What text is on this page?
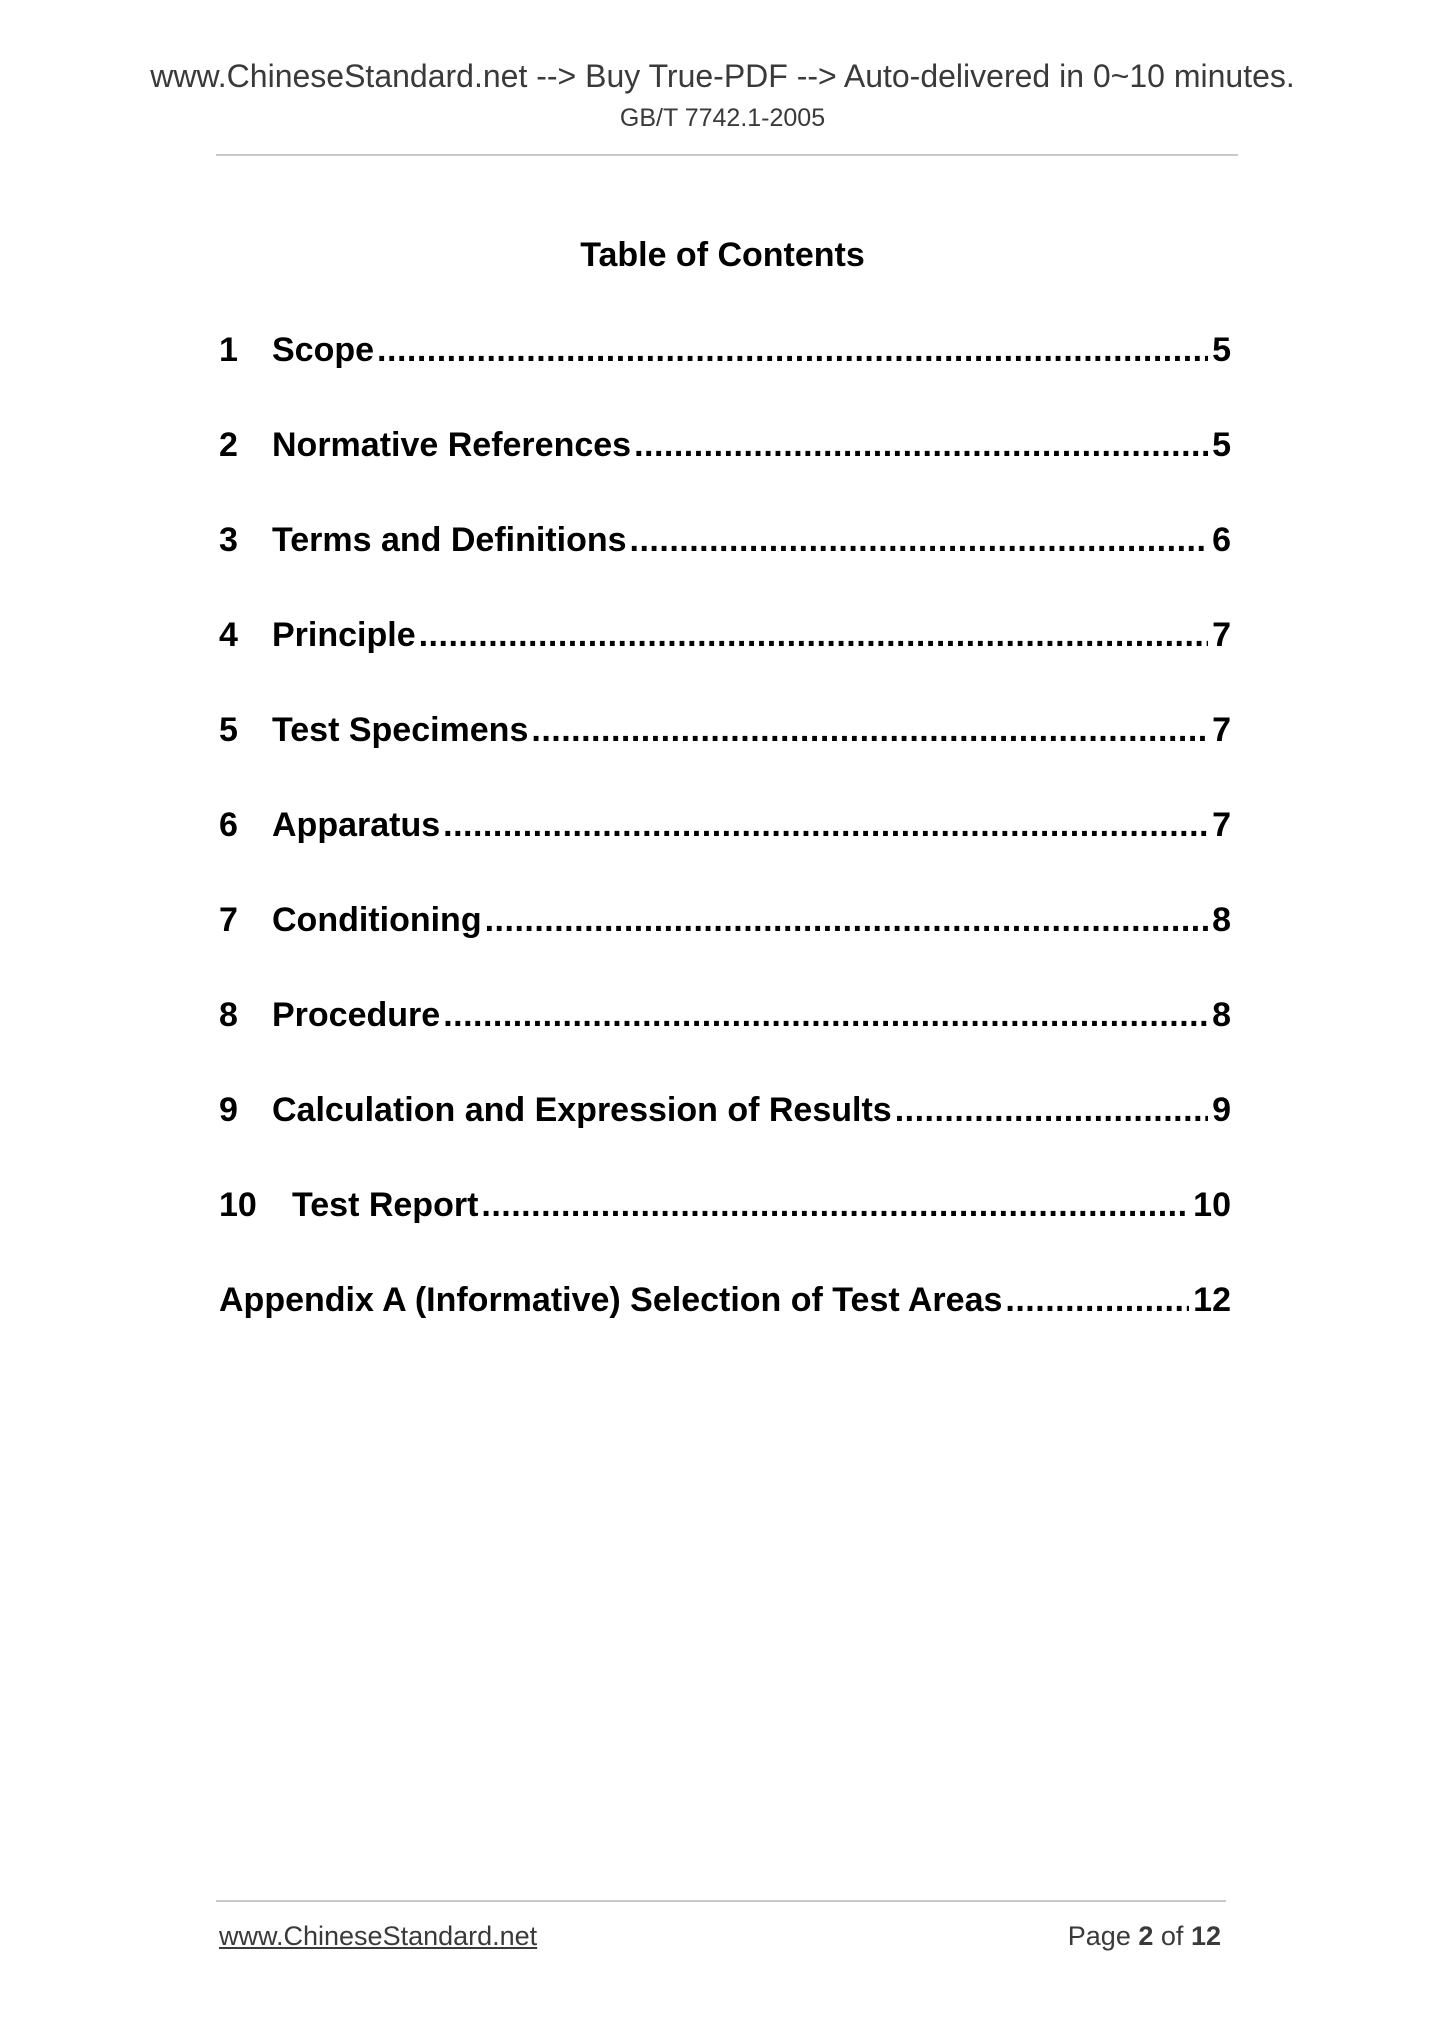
www.ChineseStandard.net --> Buy True-PDF --> Auto-delivered in 0~10 minutes.
GB/T 7742.1-2005
Table of Contents
1	Scope .....	5
2	Normative References .....	5
3	Terms and Definitions .....	6
4	Principle .....	7
5	Test Specimens .....	7
6	Apparatus .....	7
7	Conditioning .....	8
8	Procedure .....	8
9	Calculation and Expression of Results .....	9
10	Test Report .....	10
Appendix A (Informative) Selection of Test Areas .....	12
www.ChineseStandard.net	Page 2 of 12
